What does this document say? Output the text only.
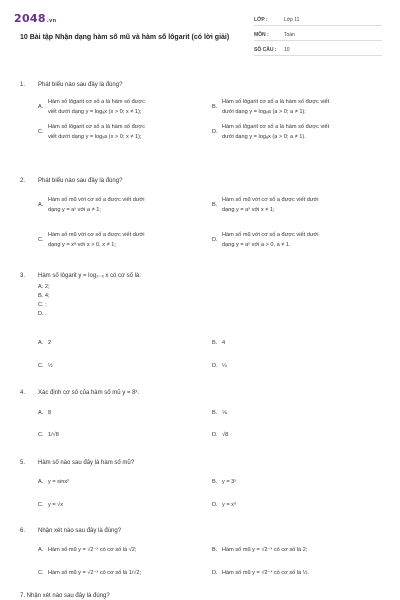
2048.vn
10 Bài tập Nhận dạng hàm số mũ và hàm số lôgarit (có lời giải)
LỚP :	Lớp 11
MÔN :	Toán
SỐ CÂU : 10
1. Phát biểu nào sau đây là đúng?
A.
Hàm số lôgarit cơ số a là hàm số được
viết dưới dạng y = logₐx (x > 0; x ≠ 1);
B.
Hàm số lôgarit cơ số a là hàm số được viết
dưới dạng y = logₓa (a > 0; a ≠ 1);
C.
Hàm số lôgarit cơ số a là hàm số được
viết dưới dạng y = logₓa (x > 0; x ≠ 1);
D.
Hàm số lôgarit cơ số a là hàm số được viết
dưới dạng y = logₐx (a > 0; a ≠ 1).
2. Phát biểu nào sau đây là đúng?
A.
Hàm số mũ với cơ số a được viết dưới
dạng y = aˣ với a ≠ 1;
B.
Hàm số mũ với cơ số a được viết dưới
dạng y = aˣ với x ≠ 1;
C.
Hàm số mũ với cơ số a được viết dưới
dạng y = xᵃ với x > 0, x ≠ 1;
D.
Hàm số mũ với cơ số a được viết dưới
dạng y = aˣ với a > 0, a ≠ 1.
3. Hàm số lôgarit y = log₂₋ₓ x có cơ số là:
A. 2;
B. 4;
C. ;
D. .
A. 2	B. 4
C. ½	D. ¼
4. Xác định cơ số của hàm số mũ y = 8ˣ.
A. 8	B. ⅛
C. 1/√8	D. √8
5. Hàm số nào sau đây là hàm số mũ?
A. y = sinx²	B. y = 3ˣ
C. y = √x	D. y = x³
6. Nhận xét nào sau đây là đúng?
A. Hàm số mũ y = √2⁻ˣ có cơ số là √2;	B. Hàm số mũ y = √2⁻ˣ có cơ số là 2;
C. Hàm số mũ y = √2⁻ˣ có cơ số là 1/√2;	D. Hàm số mũ y = √2⁻ˣ có cơ số là ½.
7. Nhận xét nào sau đây là đúng?
